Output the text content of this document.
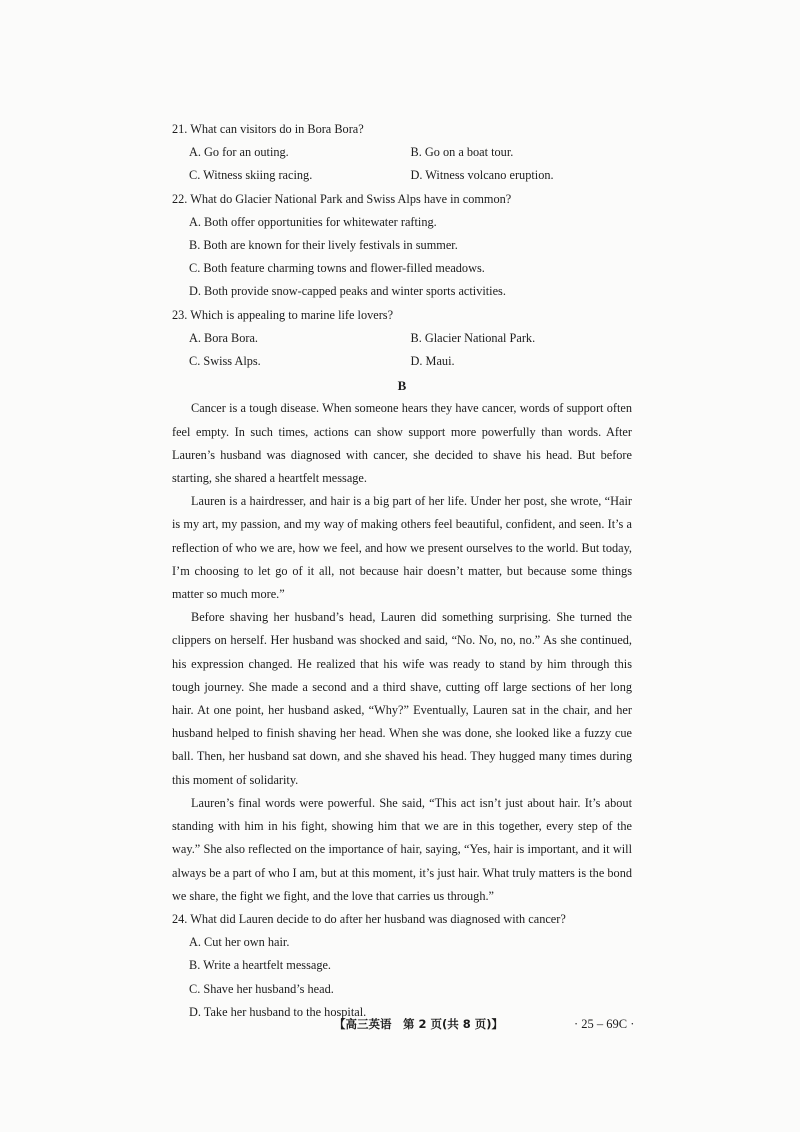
21. What can visitors do in Bora Bora?

A. Go for an outing.	B. Go on a boat tour.
C. Witness skiing racing.	D. Witness volcano eruption.

22. What do Glacier National Park and Swiss Alps have in common?

A. Both offer opportunities for whitewater rafting.

B. Both are known for their lively festivals in summer.

C. Both feature charming towns and flower-filled meadows.

D. Both provide snow-capped peaks and winter sports activities.

23. Which is appealing to marine life lovers?

A. Bora Bora.	B. Glacier National Park.
C. Swiss Alps.	D. Maui.

B

Cancer is a tough disease. When someone hears they have cancer, words of support often feel empty. In such times, actions can show support more powerfully than words. After Lauren’s husband was diagnosed with cancer, she decided to shave his head. But before starting, she shared a heartfelt message.

Lauren is a hairdresser, and hair is a big part of her life. Under her post, she wrote, “Hair is my art, my passion, and my way of making others feel beautiful, confident, and seen. It’s a reflection of who we are, how we feel, and how we present ourselves to the world. But today, I’m choosing to let go of it all, not because hair doesn’t matter, but because some things matter so much more.”

Before shaving her husband’s head, Lauren did something surprising. She turned the clippers on herself. Her husband was shocked and said, “No. No, no, no.” As she continued, his expression changed. He realized that his wife was ready to stand by him through this tough journey. She made a second and a third shave, cutting off large sections of her long hair. At one point, her husband asked, “Why?” Eventually, Lauren sat in the chair, and her husband helped to finish shaving her head. When she was done, she looked like a fuzzy cue ball. Then, her husband sat down, and she shaved his head. They hugged many times during this moment of solidarity.

Lauren’s final words were powerful. She said, “This act isn’t just about hair. It’s about standing with him in his fight, showing him that we are in this together, every step of the way.” She also reflected on the importance of hair, saying, “Yes, hair is important, and it will always be a part of who I am, but at this moment, it’s just hair. What truly matters is the bond we share, the fight we fight, and the love that carries us through.”

24. What did Lauren decide to do after her husband was diagnosed with cancer?

A. Cut her own hair.

B. Write a heartfelt message.

C. Shave her husband’s head.

D. Take her husband to the hospital.

【高三英语　第 2 页(共 8 页)】	· 25 – 69C ·
